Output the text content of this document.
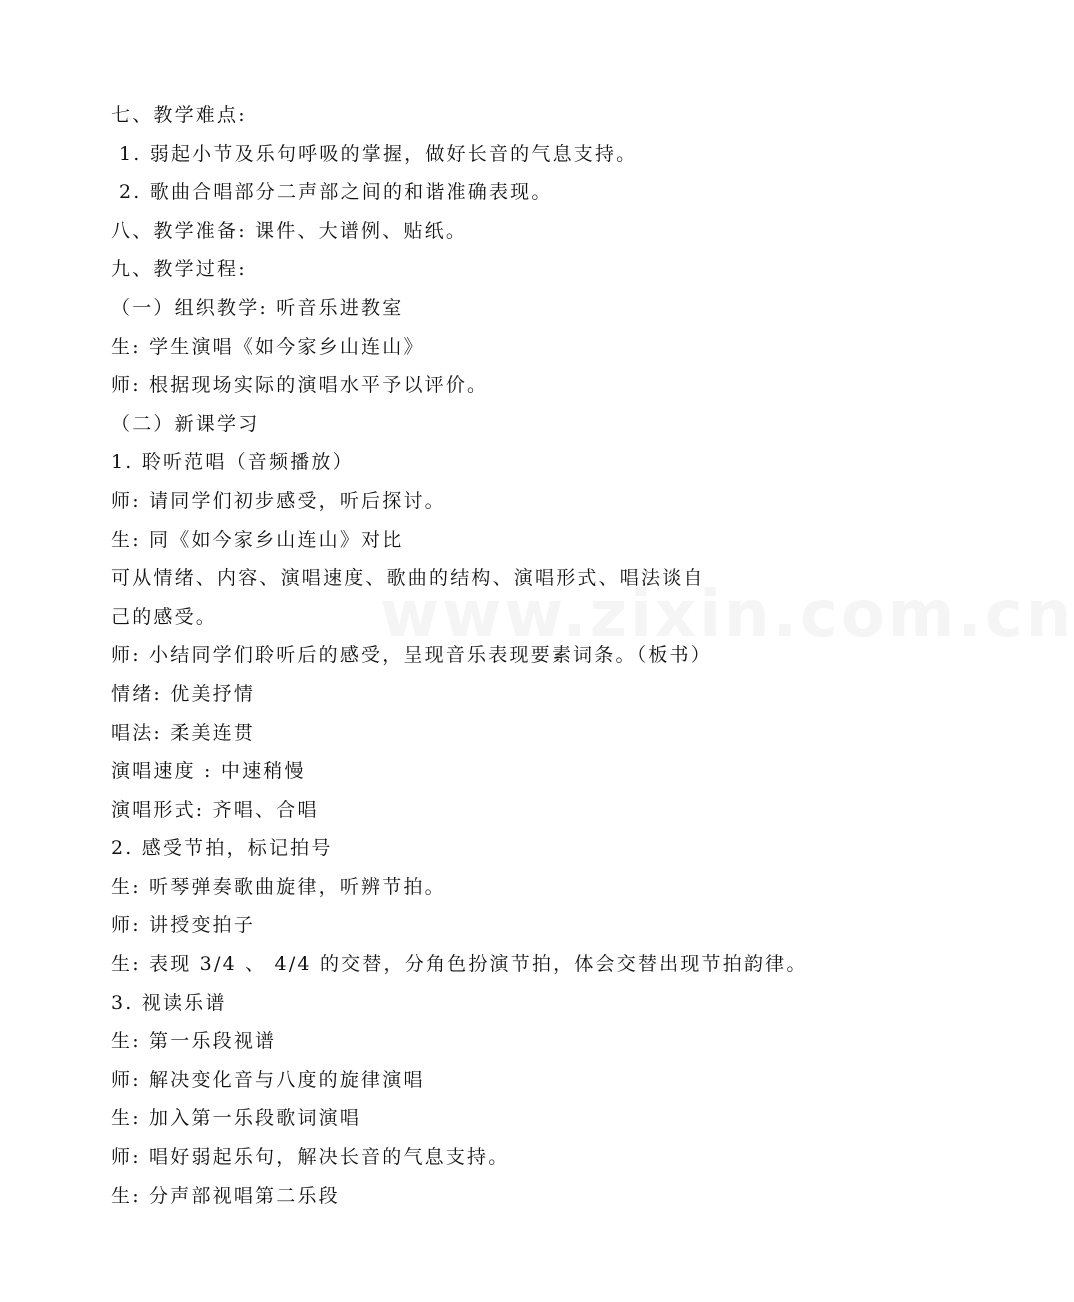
www.zixin.com.cn
七、教学难点:
1. 弱起小节及乐句呼吸的掌握，做好长音的气息支持。
2. 歌曲合唱部分二声部之间的和谐准确表现。
八、教学准备: 课件、大谱例、贴纸。
九、教学过程:
（一）组织教学: 听音乐进教室
生: 学生演唱《如今家乡山连山》
师: 根据现场实际的演唱水平予以评价。
（二）新课学习
1. 聆听范唱（音频播放）
师: 请同学们初步感受，听后探讨。
生: 同《如今家乡山连山》对比
可从情绪、内容、演唱速度、歌曲的结构、演唱形式、唱法谈自
己的感受。
师: 小结同学们聆听后的感受，呈现音乐表现要素词条。（板书）
情绪: 优美抒情
唱法: 柔美连贯
演唱速度 : 中速稍慢
演唱形式: 齐唱、合唱
2. 感受节拍，标记拍号
生: 听琴弹奏歌曲旋律，听辨节拍。
师: 讲授变拍子
生: 表现 3/4 、 4/4 的交替，分角色扮演节拍，体会交替出现节拍韵律。
3. 视读乐谱
生: 第一乐段视谱
师: 解决变化音与八度的旋律演唱
生: 加入第一乐段歌词演唱
师: 唱好弱起乐句，解决长音的气息支持。
生: 分声部视唱第二乐段
